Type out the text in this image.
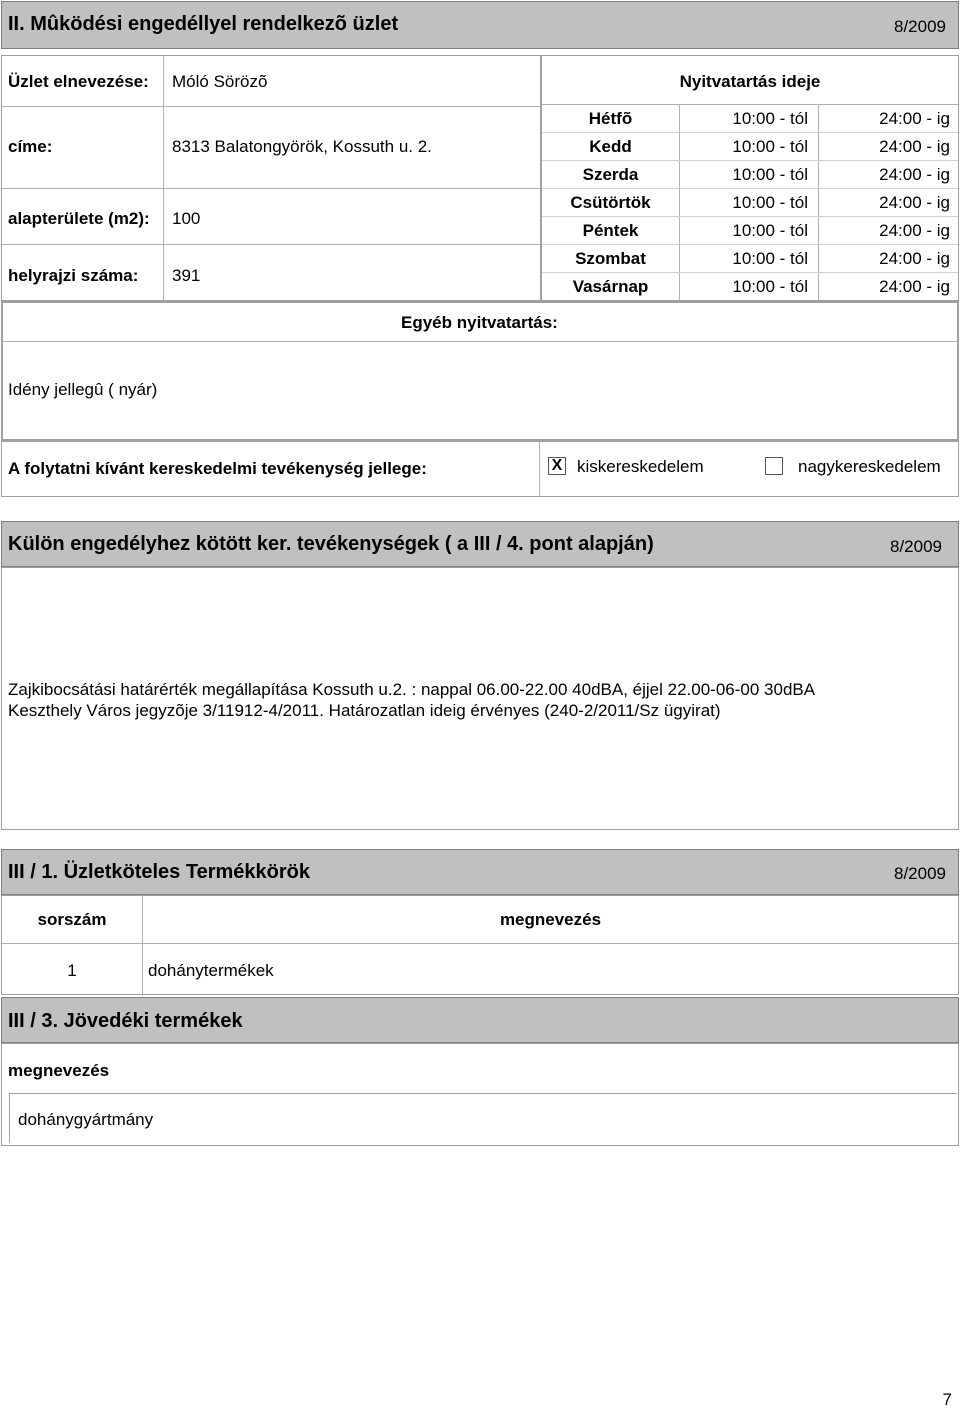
II. Mûködési engedéllyel rendelkezõ üzlet	8/2009
Üzlet elnevezése: Móló Sörözõ
címe:	8313 Balatongyörök, Kossuth u. 2.
alapterülete (m2): 100
helyrajzi száma: 391
Nyitvatartás ideje
Hétfõ	10:00 - tól	24:00 - ig
Kedd	10:00 - tól	24:00 - ig
Szerda	10:00 - tól	24:00 - ig
Csütörtök	10:00 - tól	24:00 - ig
Péntek	10:00 - tól	24:00 - ig
Szombat	10:00 - tól	24:00 - ig
Vasárnap	10:00 - tól	24:00 - ig
Egyéb nyitvatartás:
Idény jellegû ( nyár)
A folytatni kívánt kereskedelmi tevékenység jellege:	X kiskereskedelem	nagykereskedelem
Külön engedélyhez kötött ker. tevékenységek ( a III / 4. pont alapján)	8/2009
Zajkibocsátási határérték megállapítása Kossuth u.2. : nappal 06.00-22.00 40dBA, éjjel 22.00-06-00 30dBA
Keszthely Város jegyzõje 3/11912-4/2011. Határozatlan ideig érvényes (240-2/2011/Sz ügyirat)
III / 1. Üzletköteles Termékkörök	8/2009
sorszám	megnevezés
1	dohánytermékek
III / 3. Jövedéki termékek
megnevezés
dohánygyártmány
7
